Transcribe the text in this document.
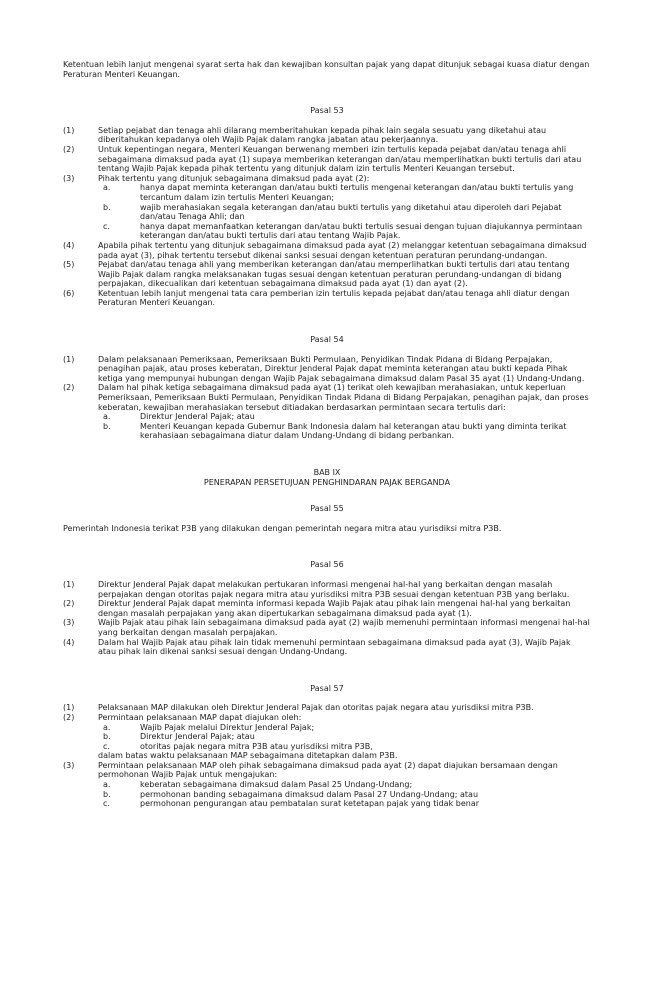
Ketentuan lebih lanjut mengenai syarat serta hak dan kewajiban konsultan pajak yang dapat ditunjuk sebagai kuasa diatur dengan Peraturan Menteri Keuangan.

Pasal 53
(1)	Setiap pejabat dan tenaga ahli dilarang memberitahukan kepada pihak lain segala sesuatu yang diketahui atau diberitahukan kepadanya oleh Wajib Pajak dalam rangka jabatan atau pekerjaannya.
(2)	Untuk kepentingan negara, Menteri Keuangan berwenang memberi izin tertulis kepada pejabat dan/atau tenaga ahli sebagaimana dimaksud pada ayat (1) supaya memberikan keterangan dan/atau memperlihatkan bukti tertulis dari atau tentang Wajib Pajak kepada pihak tertentu yang ditunjuk dalam izin tertulis Menteri Keuangan tersebut.
(3)	Pihak tertentu yang ditunjuk sebagaimana dimaksud pada ayat (2):
a.	hanya dapat meminta keterangan dan/atau bukti tertulis mengenai keterangan dan/atau bukti tertulis yang tercantum dalam izin tertulis Menteri Keuangan;
b.	wajib merahasiakan segala keterangan dan/atau bukti tertulis yang diketahui atau diperoleh dari Pejabat dan/atau Tenaga Ahli; dan
c.	hanya dapat memanfaatkan keterangan dan/atau bukti tertulis sesuai dengan tujuan diajukannya permintaan keterangan dan/atau bukti tertulis dari atau tentang Wajib Pajak.
(4)	Apabila pihak tertentu yang ditunjuk sebagaimana dimaksud pada ayat (2) melanggar ketentuan sebagaimana dimaksud pada ayat (3), pihak tertentu tersebut dikenai sanksi sesuai dengan ketentuan peraturan perundang-undangan.
(5)	Pejabat dan/atau tenaga ahli yang memberikan keterangan dan/atau memperlihatkan bukti tertulis dari atau tentang Wajib Pajak dalam rangka melaksanakan tugas sesuai dengan ketentuan peraturan perundang-undangan di bidang perpajakan, dikecualikan dari ketentuan sebagaimana dimaksud pada ayat (1) dan ayat (2).
(6)	Ketentuan lebih lanjut mengenai tata cara pemberian izin tertulis kepada pejabat dan/atau tenaga ahli diatur dengan Peraturan Menteri Keuangan.
Pasal 54
(1)	Dalam pelaksanaan Pemeriksaan, Pemeriksaan Bukti Permulaan, Penyidikan Tindak Pidana di Bidang Perpajakan, penagihan pajak, atau proses keberatan, Direktur Jenderal Pajak dapat meminta keterangan atau bukti kepada Pihak ketiga yang mempunyai hubungan dengan Wajib Pajak sebagaimana dimaksud dalam Pasal 35 ayat (1) Undang-Undang.
(2)	Dalam hal pihak ketiga sebagaimana dimaksud pada ayat (1) terikat oleh kewajiban merahasiakan, untuk keperluan Pemeriksaan, Pemeriksaan Bukti Permulaan, Penyidikan Tindak Pidana di Bidang Perpajakan, penagihan pajak, dan proses keberatan, kewajiban merahasiakan tersebut ditiadakan berdasarkan permintaan secara tertulis dari:
a.	Direktur Jenderal Pajak; atau
b.	Menteri Keuangan kepada Gubernur Bank Indonesia dalam hal keterangan atau bukti yang diminta terikat kerahasiaan sebagaimana diatur dalam Undang-Undang di bidang perbankan.
BAB IX
PENERAPAN PERSETUJUAN PENGHINDARAN PAJAK BERGANDA
Pasal 55

Pemerintah Indonesia terikat P3B yang dilakukan dengan pemerintah negara mitra atau yurisdiksi mitra P3B.

Pasal 56
(1)	Direktur Jenderal Pajak dapat melakukan pertukaran informasi mengenai hal-hal yang berkaitan dengan masalah perpajakan dengan otoritas pajak negara mitra atau yurisdiksi mitra P3B sesuai dengan ketentuan P3B yang berlaku.
(2)	Direktur Jenderal Pajak dapat meminta informasi kepada Wajib Pajak atau pihak lain mengenai hal-hal yang berkaitan dengan masalah perpajakan yang akan dipertukarkan sebagaimana dimaksud pada ayat (1).
(3)	Wajib Pajak atau pihak lain sebagaimana dimaksud pada ayat (2) wajib memenuhi permintaan informasi mengenai hal-hal yang berkaitan dengan masalah perpajakan.
(4)	Dalam hal Wajib Pajak atau pihak lain tidak memenuhi permintaan sebagaimana dimaksud pada ayat (3), Wajib Pajak atau pihak lain dikenai sanksi sesuai dengan Undang-Undang.
Pasal 57
(1)	Pelaksanaan MAP dilakukan oleh Direktur Jenderal Pajak dan otoritas pajak negara atau yurisdiksi mitra P3B.
(2)	Permintaan pelaksanaan MAP dapat diajukan oleh:
a.	Wajib Pajak melalui Direktur Jenderal Pajak;
b.	Direktur Jenderal Pajak; atau
c.	otoritas pajak negara mitra P3B atau yurisdiksi mitra P3B,
dalam batas waktu pelaksanaan MAP sebagaimana ditetapkan dalam P3B.
(3)	Permintaan pelaksanaan MAP oleh pihak sebagaimana dimaksud pada ayat (2) dapat diajukan bersamaan dengan permohonan Wajib Pajak untuk mengajukan:
a.	keberatan sebagaimana dimaksud dalam Pasal 25 Undang-Undang;
b.	permohonan banding sebagaimana dimaksud dalam Pasal 27 Undang-Undang; atau
c.	permohonan pengurangan atau pembatalan surat ketetapan pajak yang tidak benar
